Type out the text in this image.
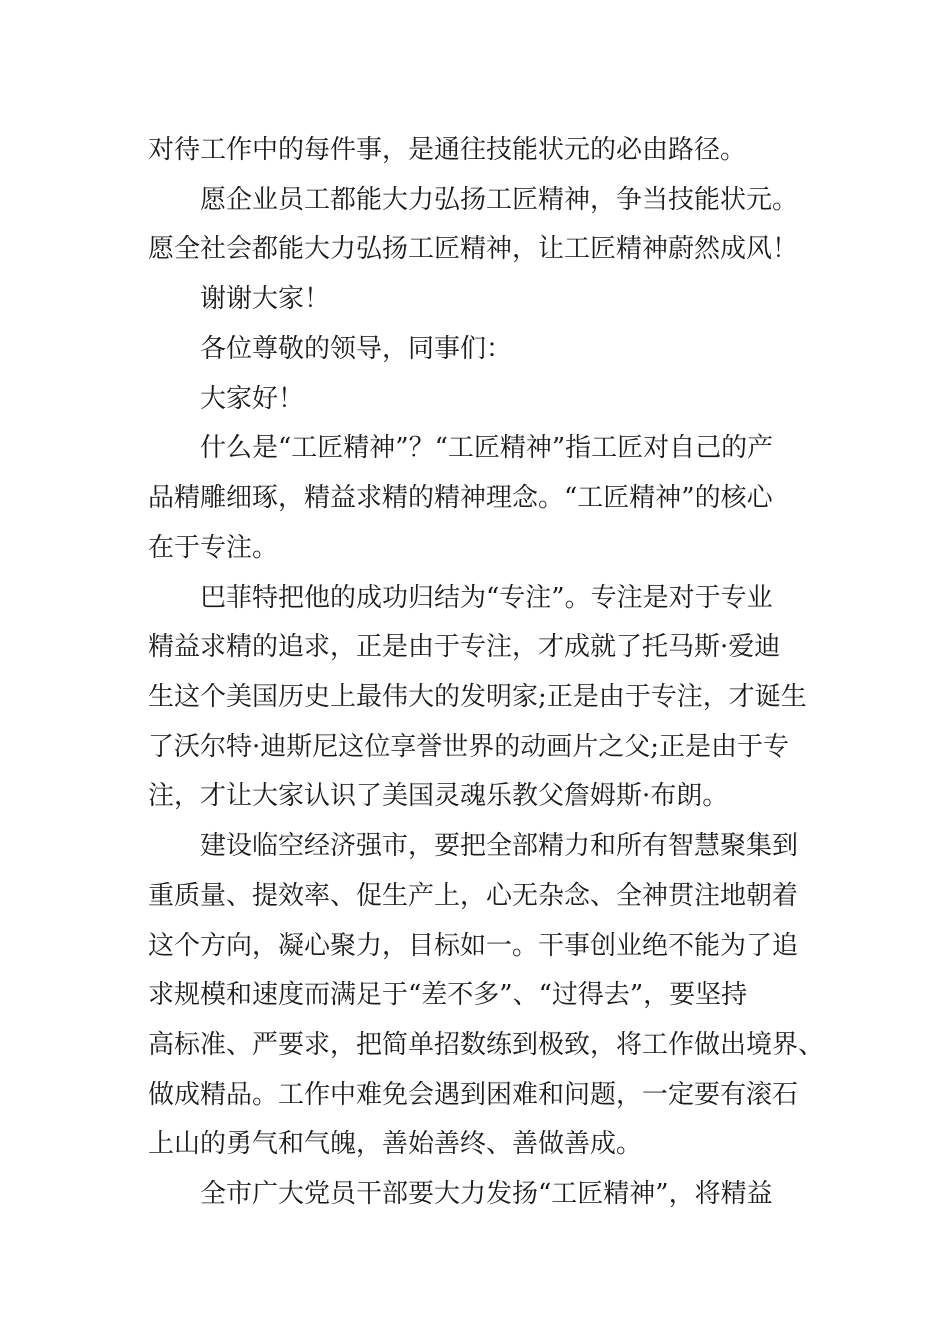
对待工作中的每件事，是通往技能状元的必由路径。
愿企业员工都能大力弘扬工匠精神，争当技能状元。
愿全社会都能大力弘扬工匠精神，让工匠精神蔚然成风！
谢谢大家！
各位尊敬的领导，同事们：
大家好！
什么是“工匠精神”？“工匠精神”指工匠对自己的产
品精雕细琢，精益求精的精神理念。“工匠精神”的核心
在于专注。
巴菲特把他的成功归结为“专注”。专注是对于专业
精益求精的追求，正是由于专注，才成就了托马斯·爱迪
生这个美国历史上最伟大的发明家;正是由于专注，才诞生
了沃尔特·迪斯尼这位享誉世界的动画片之父;正是由于专
注，才让大家认识了美国灵魂乐教父詹姆斯·布朗。
建设临空经济强市，要把全部精力和所有智慧聚集到
重质量、提效率、促生产上，心无杂念、全神贯注地朝着
这个方向，凝心聚力，目标如一。干事创业绝不能为了追
求规模和速度而满足于“差不多”、“过得去”，要坚持
高标准、严要求，把简单招数练到极致，将工作做出境界、
做成精品。工作中难免会遇到困难和问题，一定要有滚石
上山的勇气和气魄，善始善终、善做善成。
全市广大党员干部要大力发扬“工匠精神”，将精益
